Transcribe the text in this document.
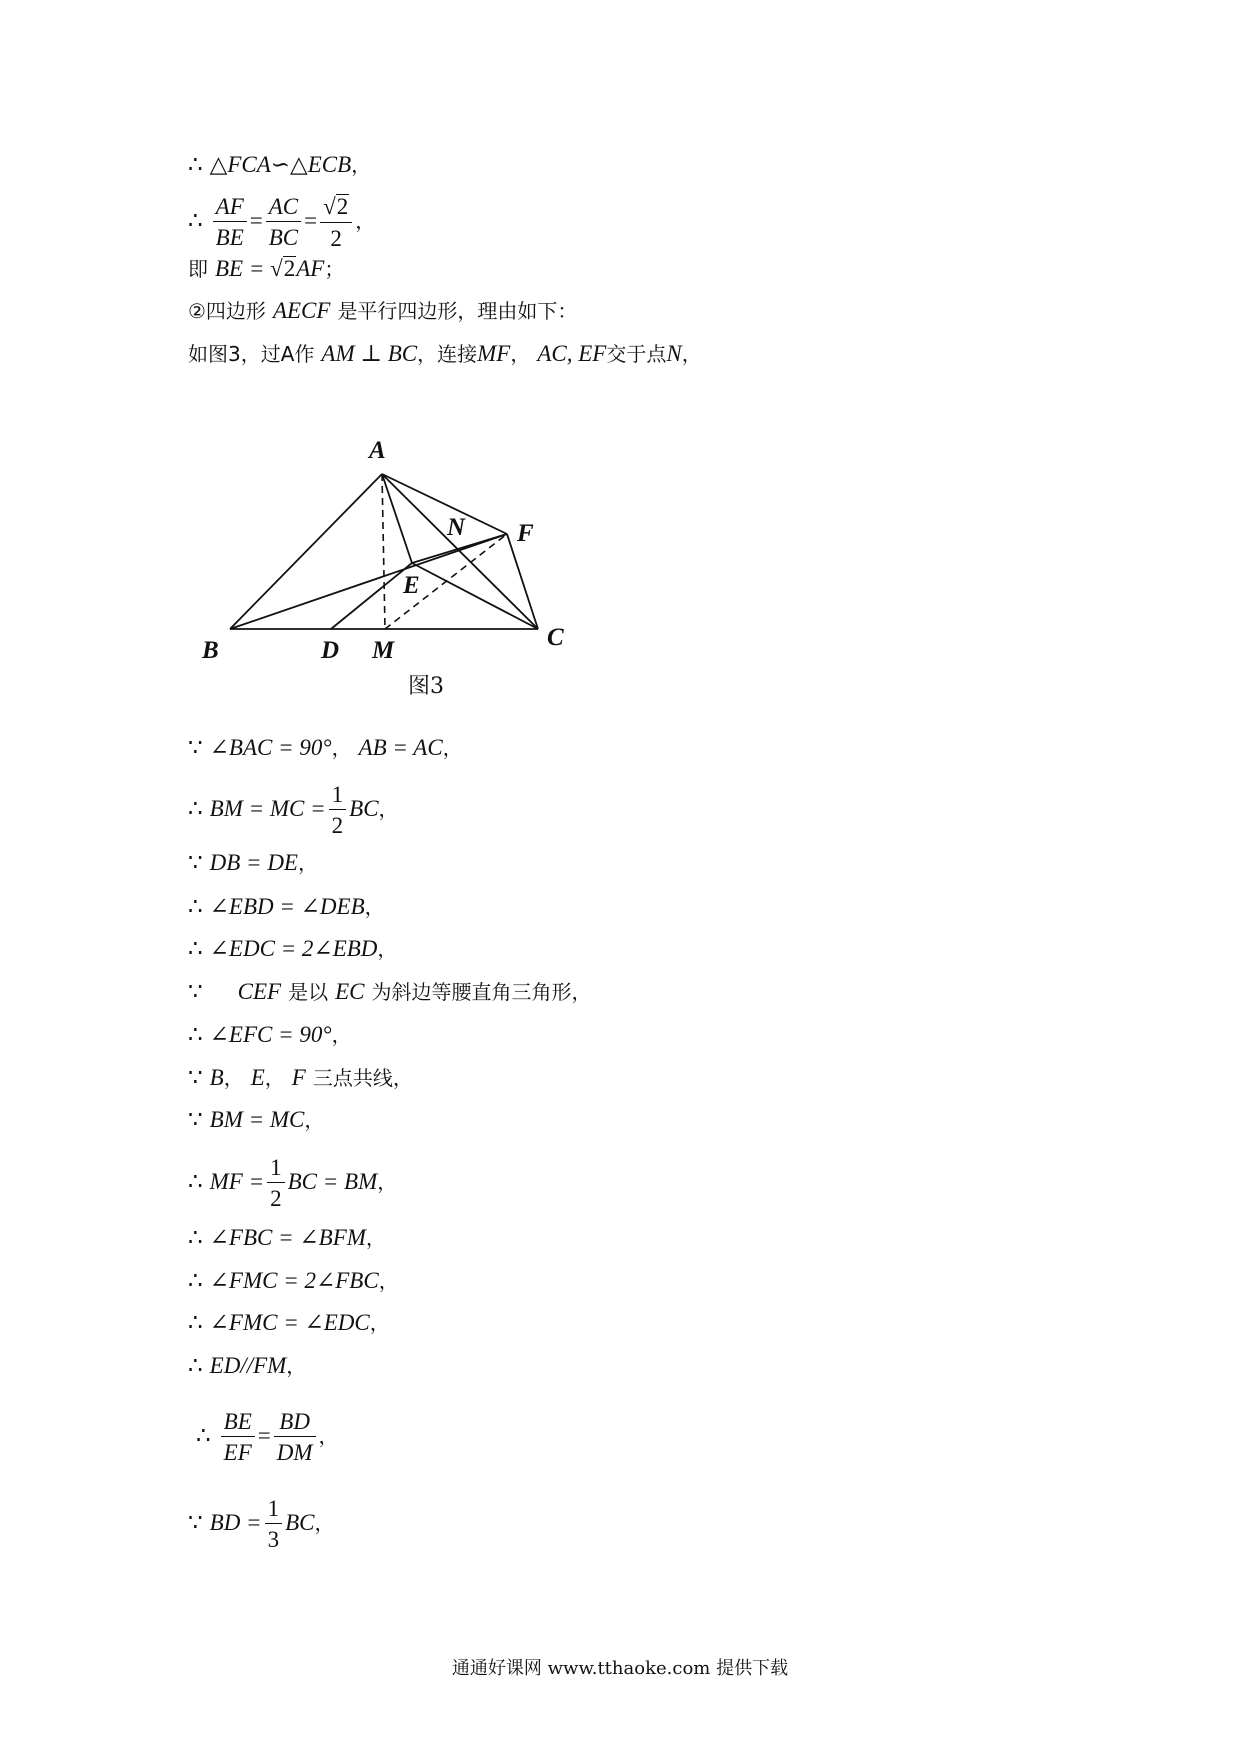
∴ △FCA∽△ECB，
∴ $\frac{AF}{BE} = \frac{AC}{BC} = \frac{√2}{2}$ ，
即 BE = √2AF；
②四边形 AECF 是平行四边形，理由如下：
如图3，过A作 AM ⊥ BC，连接MF， AC, EF交于点N，
A
N F
E
B	D M	C
图3
∵ ∠BAC = 90°， AB = AC，
∴ BM = MC = $\frac{1}{2}$ BC，
∵ DB = DE，
∴ ∠EBD = ∠DEB，
∴ ∠EDC = 2∠EBD，
∵ CEF 是以 EC 为斜边等腰直角三角形，
∴ ∠EFC = 90°，
∵ B， E， F 三点共线，
∵ BM = MC，
∴ MF = $\frac{1}{2}$ BC = BM，
∴ ∠FBC = ∠BFM，
∴ ∠FMC = 2∠FBC，
∴ ∠FMC = ∠EDC，
∴ ED//FM，
∴ $\frac{BE}{EF} = \frac{BD}{DM}$ ，
∵ BD = $\frac{1}{3}$ BC，
通通好课网 www.tthaoke.com 提供下载
